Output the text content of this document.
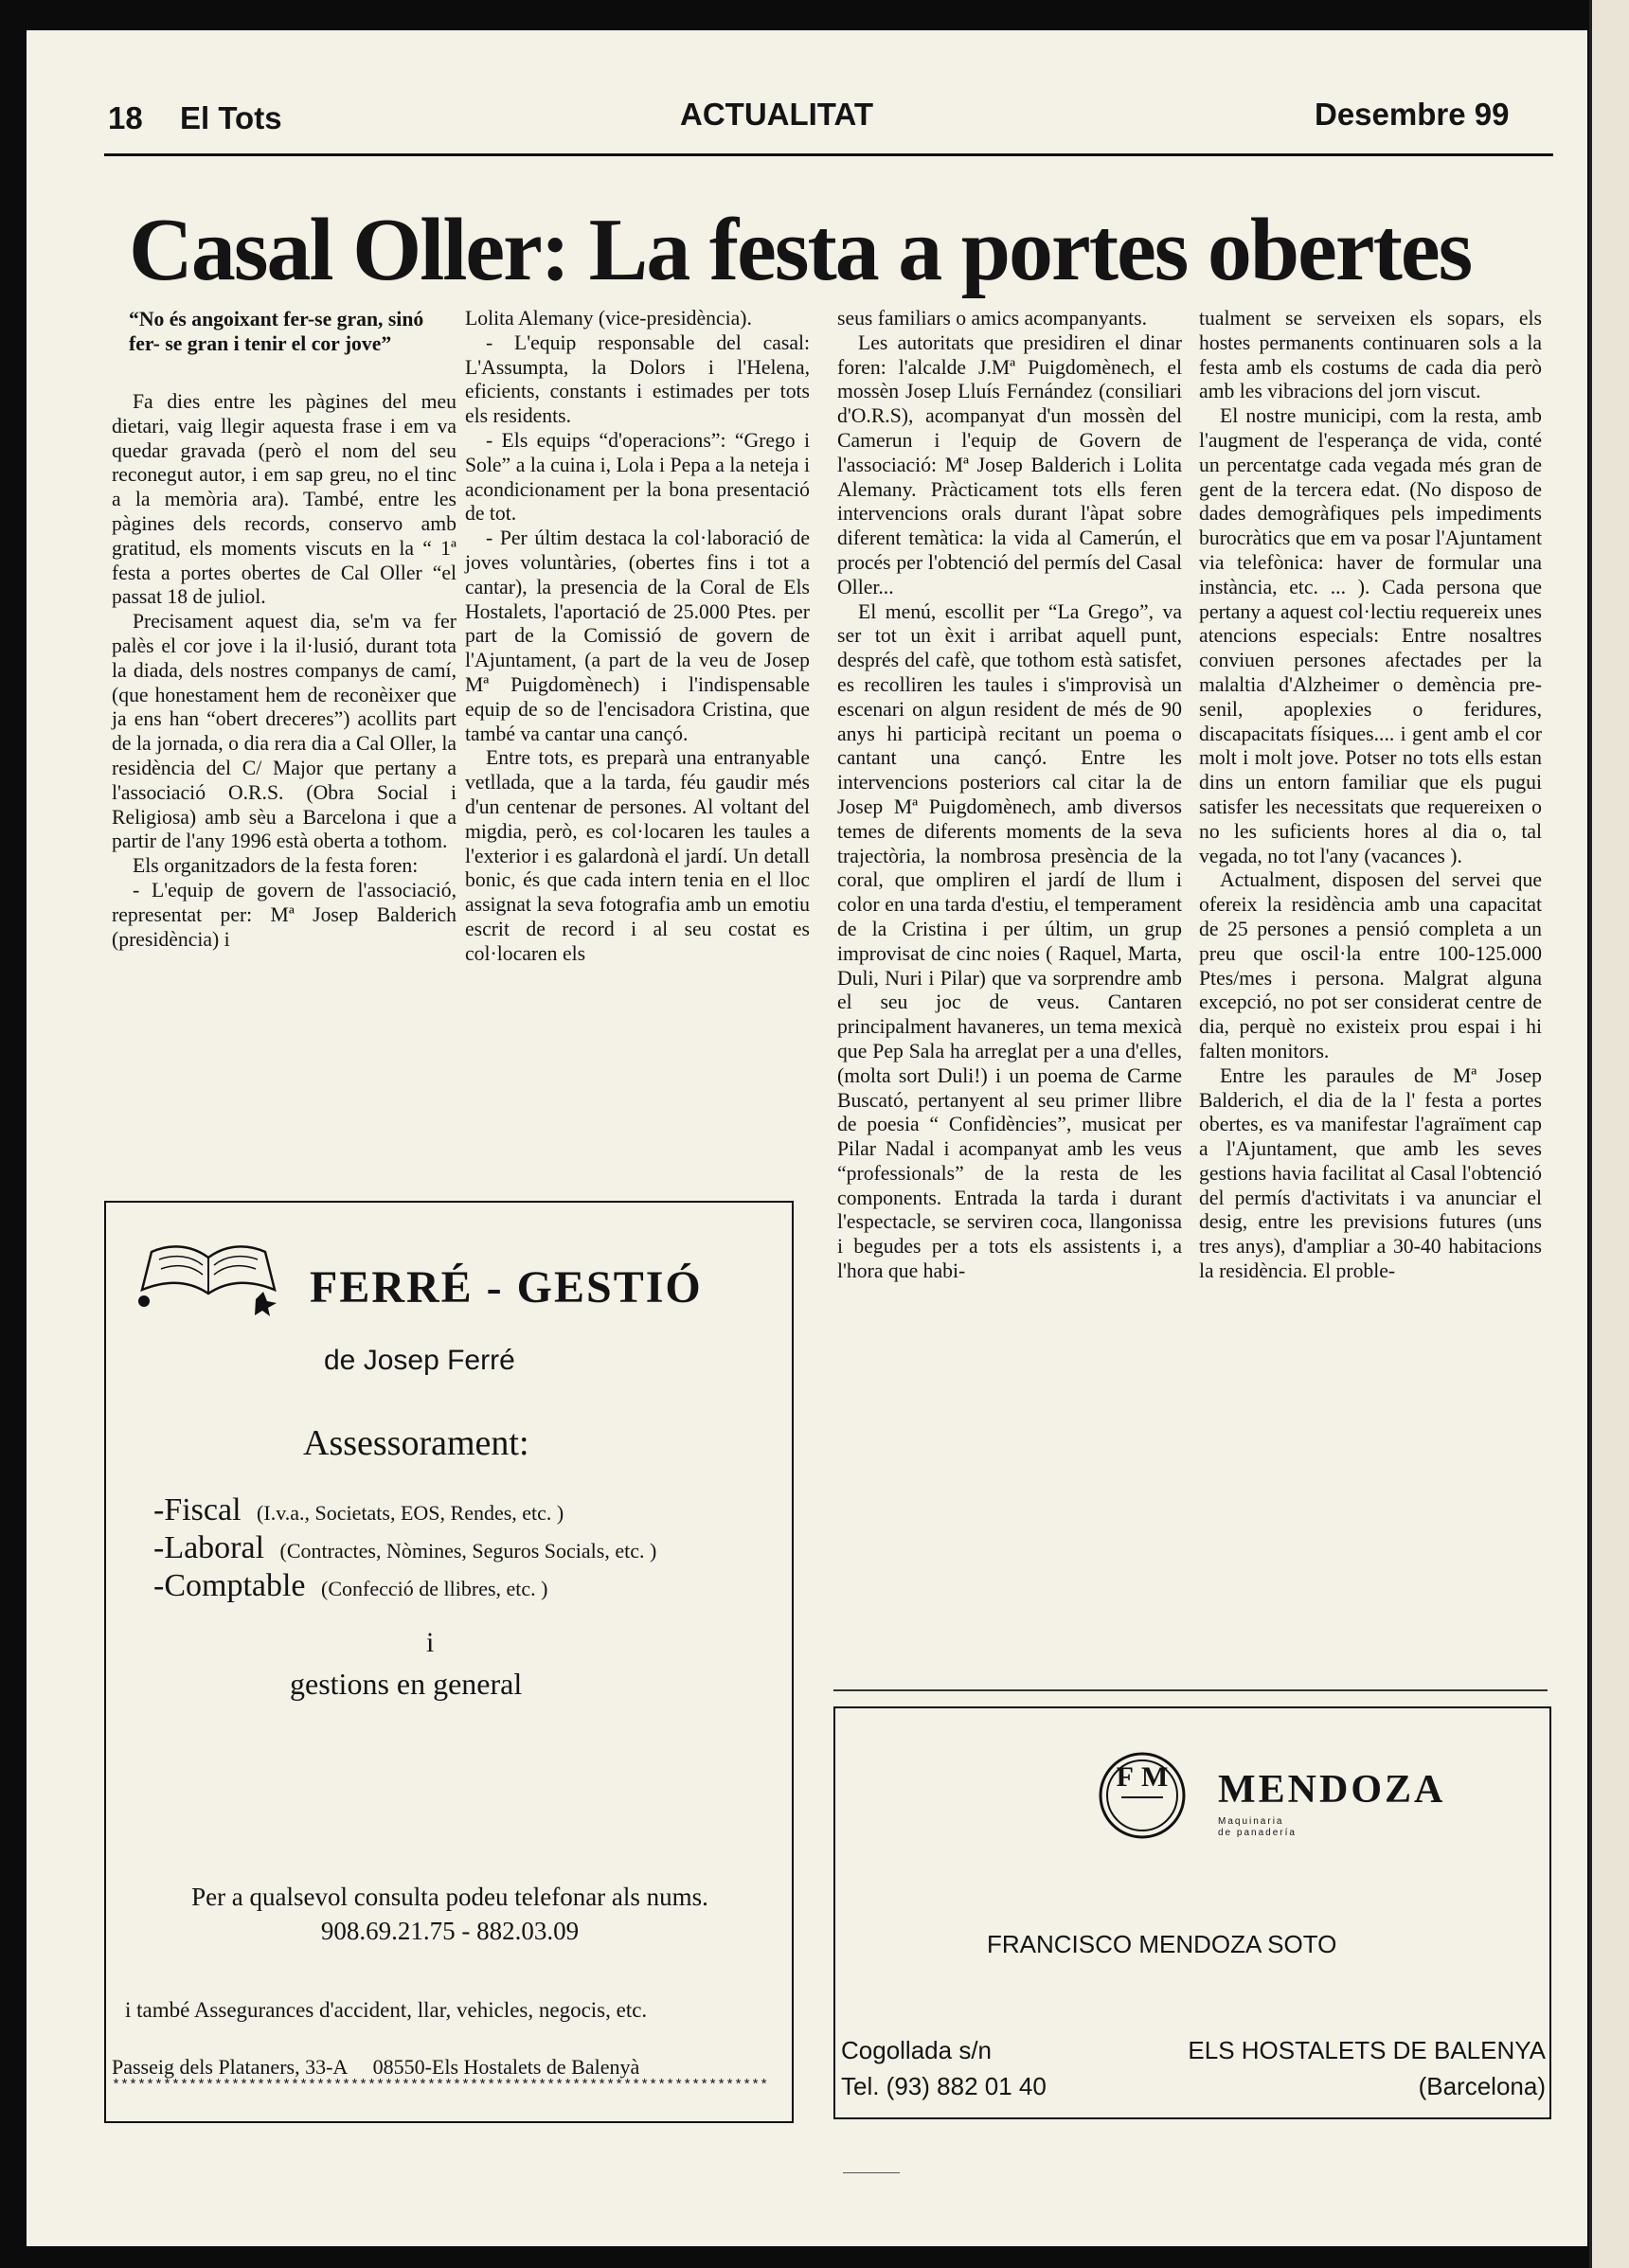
18 El Tots	ACTUALITAT	Desembre 99
Casal Oller: La festa a portes obertes

“No és angoixant fer-se gran, sinó fer- se gran i tenir el cor jove”

Fa dies entre les pàgines del meu dietari, vaig llegir aquesta frase i em va quedar gravada (però el nom del seu reconegut autor, i em sap greu, no el tinc a la memòria ara). També, entre les pàgines dels records, conservo amb gratitud, els moments viscuts en la “ 1ª festa a portes obertes de Cal Oller “el passat 18 de juliol.

Precisament aquest dia, se'm va fer palès el cor jove i la il·lusió, durant tota la diada, dels nostres companys de camí, (que honestament hem de reconèixer que ja ens han “obert dreceres”) acollits part de la jornada, o dia rera dia a Cal Oller, la residència del C/ Major que pertany a l'associació O.R.S. (Obra Social i Religiosa) amb sèu a Barcelona i que a partir de l'any 1996 està oberta a tothom.

Els organitzadors de la festa foren:

- L'equip de govern de l'associació, representat per: Mª Josep Balderich (presidència) i

Lolita Alemany (vice-presidència).

- L'equip responsable del casal: L'Assumpta, la Dolors i l'Helena, eficients, constants i estimades per tots els residents.

- Els equips “d'operacions”: “Grego i Sole” a la cuina i, Lola i Pepa a la neteja i acondicionament per la bona presentació de tot.

- Per últim destaca la col·laboració de joves voluntàries, (obertes fins i tot a cantar), la presencia de la Coral de Els Hostalets, l'aportació de 25.000 Ptes. per part de la Comissió de govern de l'Ajuntament, (a part de la veu de Josep Mª Puigdomènech) i l'indispensable equip de so de l'encisadora Cristina, que també va cantar una cançó.

Entre tots, es preparà una entranyable vetllada, que a la tarda, féu gaudir més d'un centenar de persones. Al voltant del migdia, però, es col·locaren les taules a l'exterior i es galardonà el jardí. Un detall bonic, és que cada intern tenia en el lloc assignat la seva fotografia amb un emotiu escrit de record i al seu costat es col·locaren els

seus familiars o amics acompanyants.

Les autoritats que presidiren el dinar foren: l'alcalde J.Mª Puigdomènech, el mossèn Josep Lluís Fernández (consiliari d'O.R.S), acompanyat d'un mossèn del Camerun i l'equip de Govern de l'associació: Mª Josep Balderich i Lolita Alemany. Pràcticament tots ells feren intervencions orals durant l'àpat sobre diferent temàtica: la vida al Camerún, el procés per l'obtenció del permís del Casal Oller...

El menú, escollit per “La Grego”, va ser tot un èxit i arribat aquell punt, després del cafè, que tothom està satisfet, es recolliren les taules i s'improvisà un escenari on algun resident de més de 90 anys hi participà recitant un poema o cantant una cançó. Entre les intervencions posteriors cal citar la de Josep Mª Puigdomènech, amb diversos temes de diferents moments de la seva trajectòria, la nombrosa presència de la coral, que ompliren el jardí de llum i color en una tarda d'estiu, el temperament de la Cristina i per últim, un grup improvisat de cinc noies ( Raquel, Marta, Duli, Nuri i Pilar) que va sorprendre amb el seu joc de veus. Cantaren principalment havaneres, un tema mexicà que Pep Sala ha arreglat per a una d'elles, (molta sort Duli!) i un poema de Carme Buscató, pertanyent al seu primer llibre de poesia “ Confidències”, musicat per Pilar Nadal i acompanyat amb les veus “professionals” de la resta de les components. Entrada la tarda i durant l'espectacle, se serviren coca, llangonissa i begudes per a tots els assistents i, a l'hora que habi-

tualment se serveixen els sopars, els hostes permanents continuaren sols a la festa amb els costums de cada dia però amb les vibracions del jorn viscut.

El nostre municipi, com la resta, amb l'augment de l'esperança de vida, conté un percentatge cada vegada més gran de gent de la tercera edat. (No disposo de dades demogràfiques pels impediments burocràtics que em va posar l'Ajuntament via telefònica: haver de formular una instància, etc. ... ). Cada persona que pertany a aquest col·lectiu requereix unes atencions especials: Entre nosaltres conviuen persones afectades per la malaltia d'Alzheimer o demència pre-senil, apoplexies o feridures, discapacitats físiques.... i gent amb el cor molt i molt jove. Potser no tots ells estan dins un entorn familiar que els pugui satisfer les necessitats que requereixen o no les suficients hores al dia o, tal vegada, no tot l'any (vacances ).

Actualment, disposen del servei que ofereix la residència amb una capacitat de 25 persones a pensió completa a un preu que oscil·la entre 100-125.000 Ptes/mes i persona. Malgrat alguna excepció, no pot ser considerat centre de dia, perquè no existeix prou espai i hi falten monitors.

Entre les paraules de Mª Josep Balderich, el dia de la l' festa a portes obertes, es va manifestar l'agraïment cap a l'Ajuntament, que amb les seves gestions havia facilitat al Casal l'obtenció del permís d'activitats i va anunciar el desig, entre les previsions futures (uns tres anys), d'ampliar a 30-40 habitacions la residència. El proble-

FERRÉ - GESTIÓ
de Josep Ferré
Assessorament:
-Fiscal (I.v.a., Societats, EOS, Rendes, etc. )
-Laboral (Contractes, Nòmines, Seguros Socials, etc. )
-Comptable (Confecció de llibres, etc. )
i
gestions en general
Per a qualsevol consulta podeu telefonar als nums.
908.69.21.75 - 882.03.09
i també Assegurances d'accident, llar, vehicles, negocis, etc.
Passeig dels Plataners, 33-A     08550-Els Hostalets de Balenyà
*****************************************************************************
FM	MENDOZA
Maquinaria
de panadería
FRANCISCO MENDOZA SOTO
Cogollada s/n
Tel. (93) 882 01 40
ELS HOSTALETS DE BALENYA
(Barcelona)
